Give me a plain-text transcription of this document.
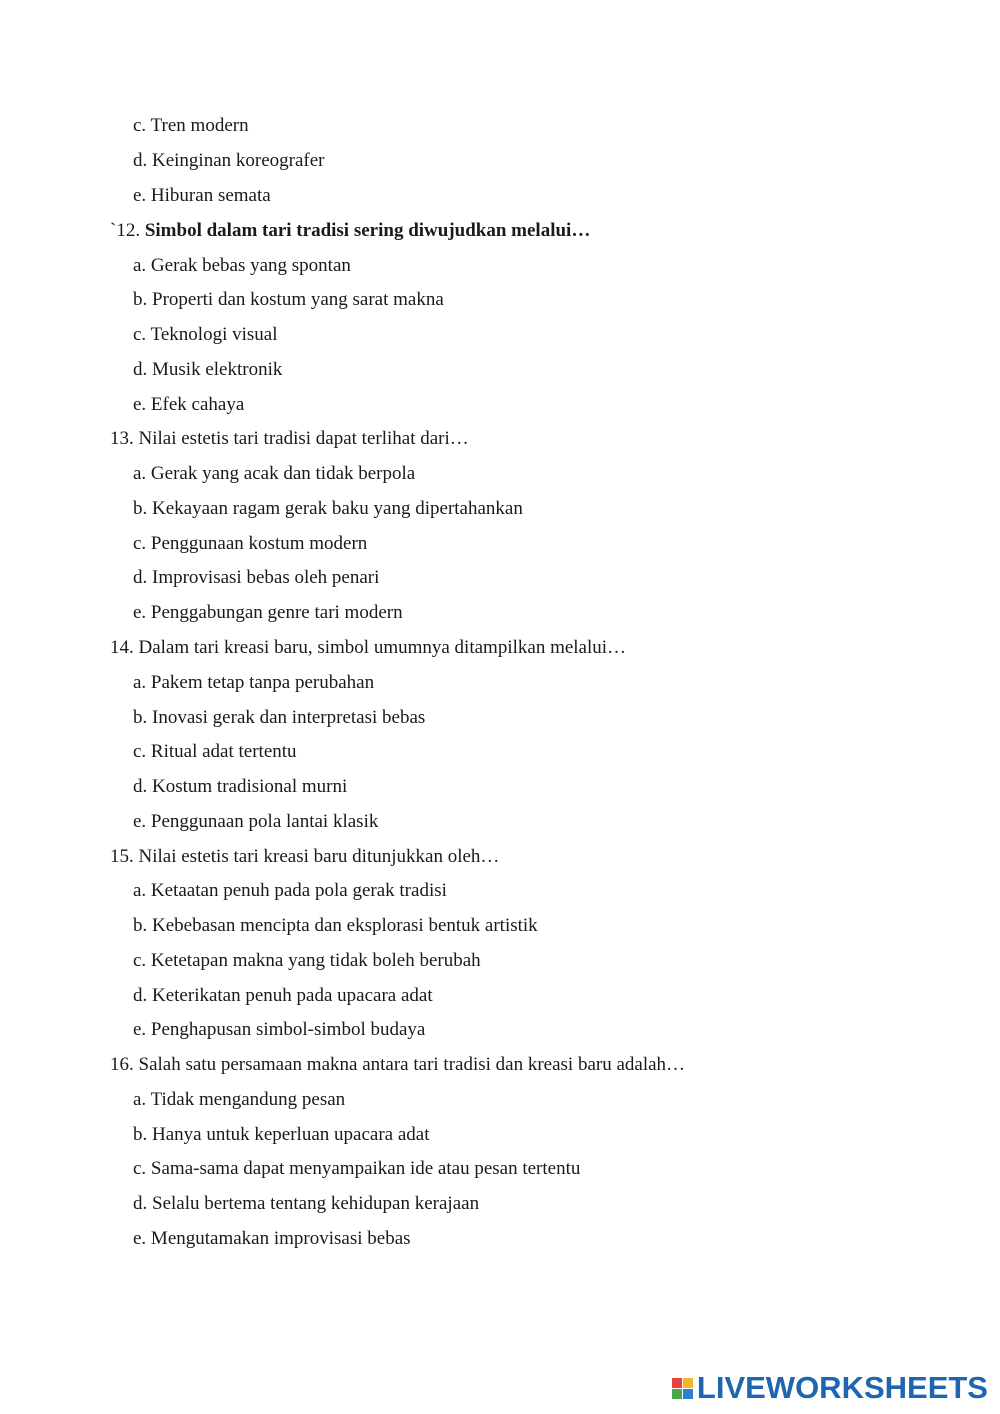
c. Tren modern
d. Keinginan koreografer
e. Hiburan semata
`12. Simbol dalam tari tradisi sering diwujudkan melalui…
a. Gerak bebas yang spontan
b. Properti dan kostum yang sarat makna
c. Teknologi visual
d. Musik elektronik
e. Efek cahaya
13. Nilai estetis tari tradisi dapat terlihat dari…
a. Gerak yang acak dan tidak berpola
b. Kekayaan ragam gerak baku yang dipertahankan
c. Penggunaan kostum modern
d. Improvisasi bebas oleh penari
e. Penggabungan genre tari modern
14. Dalam tari kreasi baru, simbol umumnya ditampilkan melalui…
a. Pakem tetap tanpa perubahan
b. Inovasi gerak dan interpretasi bebas
c. Ritual adat tertentu
d. Kostum tradisional murni
e. Penggunaan pola lantai klasik
15. Nilai estetis tari kreasi baru ditunjukkan oleh…
a. Ketaatan penuh pada pola gerak tradisi
b. Kebebasan mencipta dan eksplorasi bentuk artistik
c. Ketetapan makna yang tidak boleh berubah
d. Keterikatan penuh pada upacara adat
e. Penghapusan simbol-simbol budaya
16. Salah satu persamaan makna antara tari tradisi dan kreasi baru adalah…
a. Tidak mengandung pesan
b. Hanya untuk keperluan upacara adat
c. Sama-sama dapat menyampaikan ide atau pesan tertentu
d. Selalu bertema tentang kehidupan kerajaan
e. Mengutamakan improvisasi bebas
LIVEWORKSHEETS
